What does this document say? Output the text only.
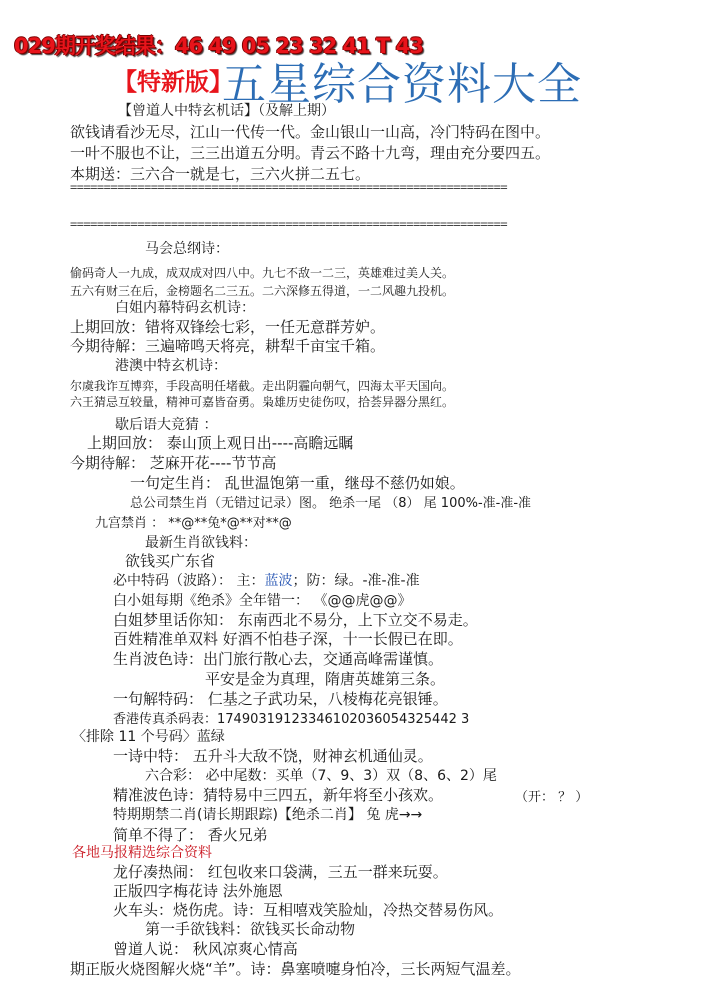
029期开奖结果：46 49 05 23 32 41 T 43
【特新版】
五星综合资料大全
【曾道人中特玄机话】（及解上期）
欲钱请看沙无尽，江山一代传一代。金山银山一山高，冷门特码在图中。
一叶不服也不让，三三出道五分明。青云不路十九弯，理由充分要四五。
本期送：三六合一就是七，三六火拼二五七。
=================================================================
=================================================================
马会总纲诗：
偷码奇人一九成，成双成对四八中。九七不敌一二三，英雄难过美人关。
五六有财三在后，金榜题名二三五。二六深修五得道，一二风趣九投机。
白姐内幕特码玄机诗：
上期回放：错将双锋绘七彩，一任无意群芳妒。
今期待解：三遍啼鸣天将亮，耕犁千亩宝千箱。
港澳中特玄机诗：
尔虞我诈互博弈，手段高明任堵截。走出阴霾向朝气，四海太平天国向。
六王猜忌互较量，精神可嘉皆奋勇。枭雄历史徒伤叹，拾荟异器分黑红。
歇后语大竞猜 ：
上期回放： 泰山顶上观日出----高瞻远瞩
今期待解： 芝麻开花----节节高
一句定生肖： 乱世温饱第一重，继母不慈仍如娘。
总公司禁生肖（无错过记录）图。 绝杀一尾 （8） 尾 100%-准-准-准
九宫禁肖 ： **@**兔*@**对**@
最新生肖欲钱料：
欲钱买广东省
必中特码（波路）： 主：蓝波；防：绿。-准-准-准
白小姐每期《绝杀》全年错一： 《@@虎@@》
白姐梦里话你知： 东南西北不易分，上下立交不易走。
百姓精准单双料 好酒不怕巷子深，十一长假已在即。
生肖波色诗：出门旅行散心去，交通高峰需谨慎。
平安是金为真理，隋唐英雄第三条。
一句解特码： 仁基之子武功呆，八棱梅花亮银锤。
香港传真杀码表：17490319123346102036054325442 3
〈排除 11 个号码〉蓝绿
一诗中特： 五升斗大敌不饶，财神玄机通仙灵。
六合彩： 必中尾数：买单（7、9、3）双（8、6、2）尾
精准波色诗：猜特易中三四五，新年将至小孩欢。	（开： ？ ）
特期期禁二肖(请长期跟踪)【绝杀二肖】 兔 虎→→
简单不得了： 香火兄弟
各地马报精选综合资料
龙仔凑热闹： 红包收来口袋满，三五一群来玩耍。
正版四字梅花诗 法外施恩
火车头：烧伤虎。诗：互相嘻戏笑脸灿，冷热交替易伤风。
第一手欲钱料：欲钱买长命动物
曾道人说： 秋风凉爽心情高
期正版火烧图解火烧“羊”。诗：鼻塞喷嚏身怕冷，三长两短气温差。
